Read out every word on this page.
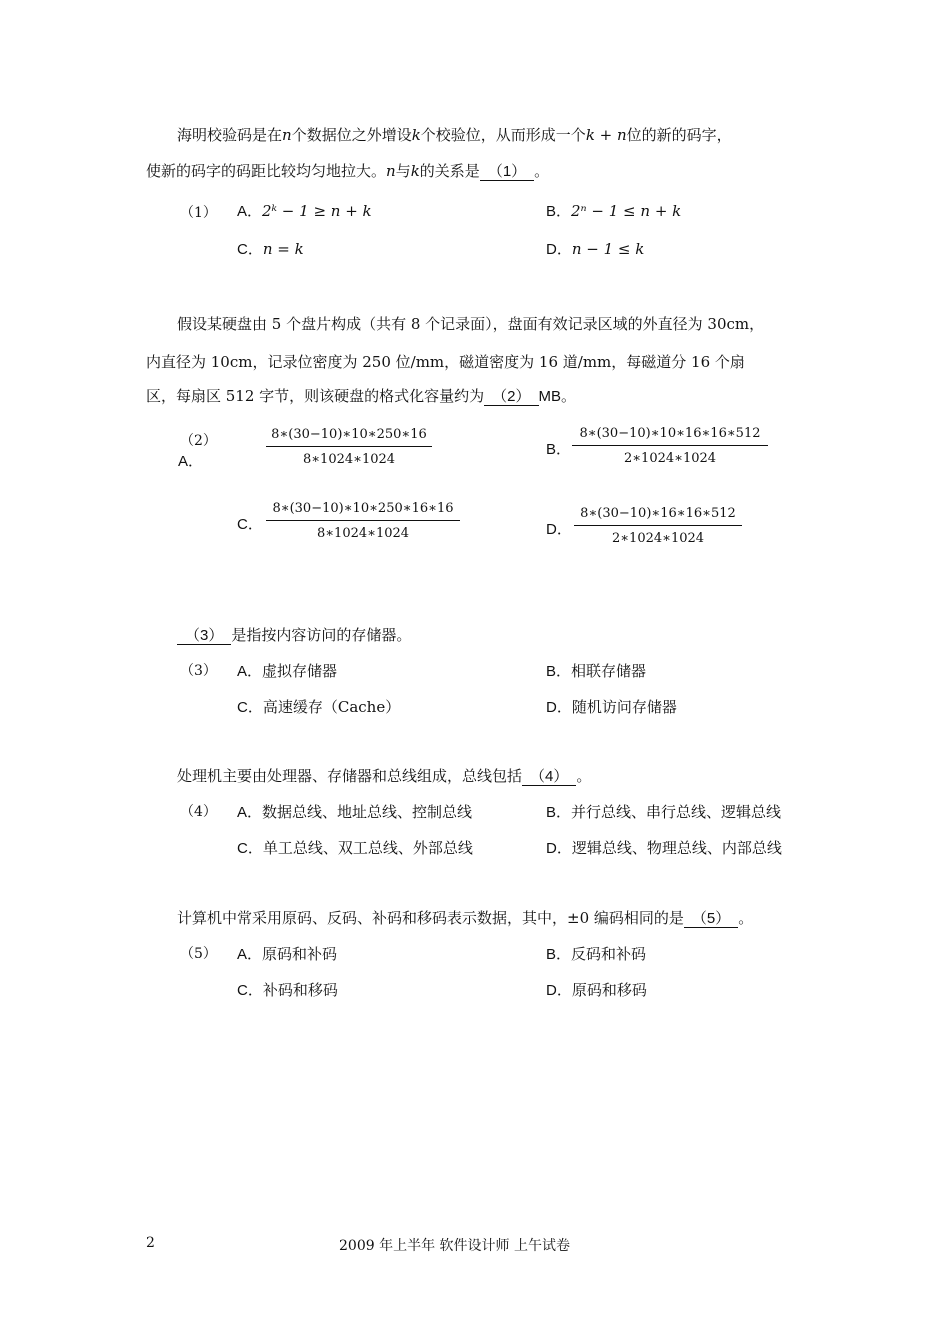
海明校验码是在n个数据位之外增设k个校验位，从而形成一个k + n位的新的码字，
使新的码字的码距比较均匀地拉大。n与k的关系是 （1） 。
（1） A．2ᵏ − 1 ≥ n + k	B．2ⁿ − 1 ≤ n + k
C．n = k	D．n − 1 ≤ k
假设某硬盘由 5 个盘片构成（共有 8 个记录面），盘面有效记录区域的外直径为 30cm，
内直径为 10cm，记录位密度为 250 位/mm，磁道密度为 16 道/mm，每磁道分 16 个扇
区，每扇区 512 字节，则该硬盘的格式化容量约为 （2） MB。
（2）
A．	$\frac{8∗(30-10)∗10∗250∗16}{8∗1024∗1024}$	B． $\frac{8∗(30-10)∗10∗16∗16∗512}{2∗1024∗1024}$
C． $\frac{8∗(30-10)∗10∗250∗16∗16}{8∗1024∗1024}$	D． $\frac{8∗(30-10)∗16∗16∗512}{2∗1024∗1024}$
（3） 是指按内容访问的存储器。
（3） A．虚拟存储器	B．相联存储器
C．高速缓存（Cache）	D．随机访问存储器
处理机主要由处理器、存储器和总线组成，总线包括 （4） 。
（4） A．数据总线、地址总线、控制总线	B．并行总线、串行总线、逻辑总线
C．单工总线、双工总线、外部总线	D．逻辑总线、物理总线、内部总线
计算机中常采用原码、反码、补码和移码表示数据，其中，±0 编码相同的是 （5） 。
（5） A．原码和补码	B．反码和补码
C．补码和移码	D．原码和移码
2	2009 年上半年 软件设计师 上午试卷
